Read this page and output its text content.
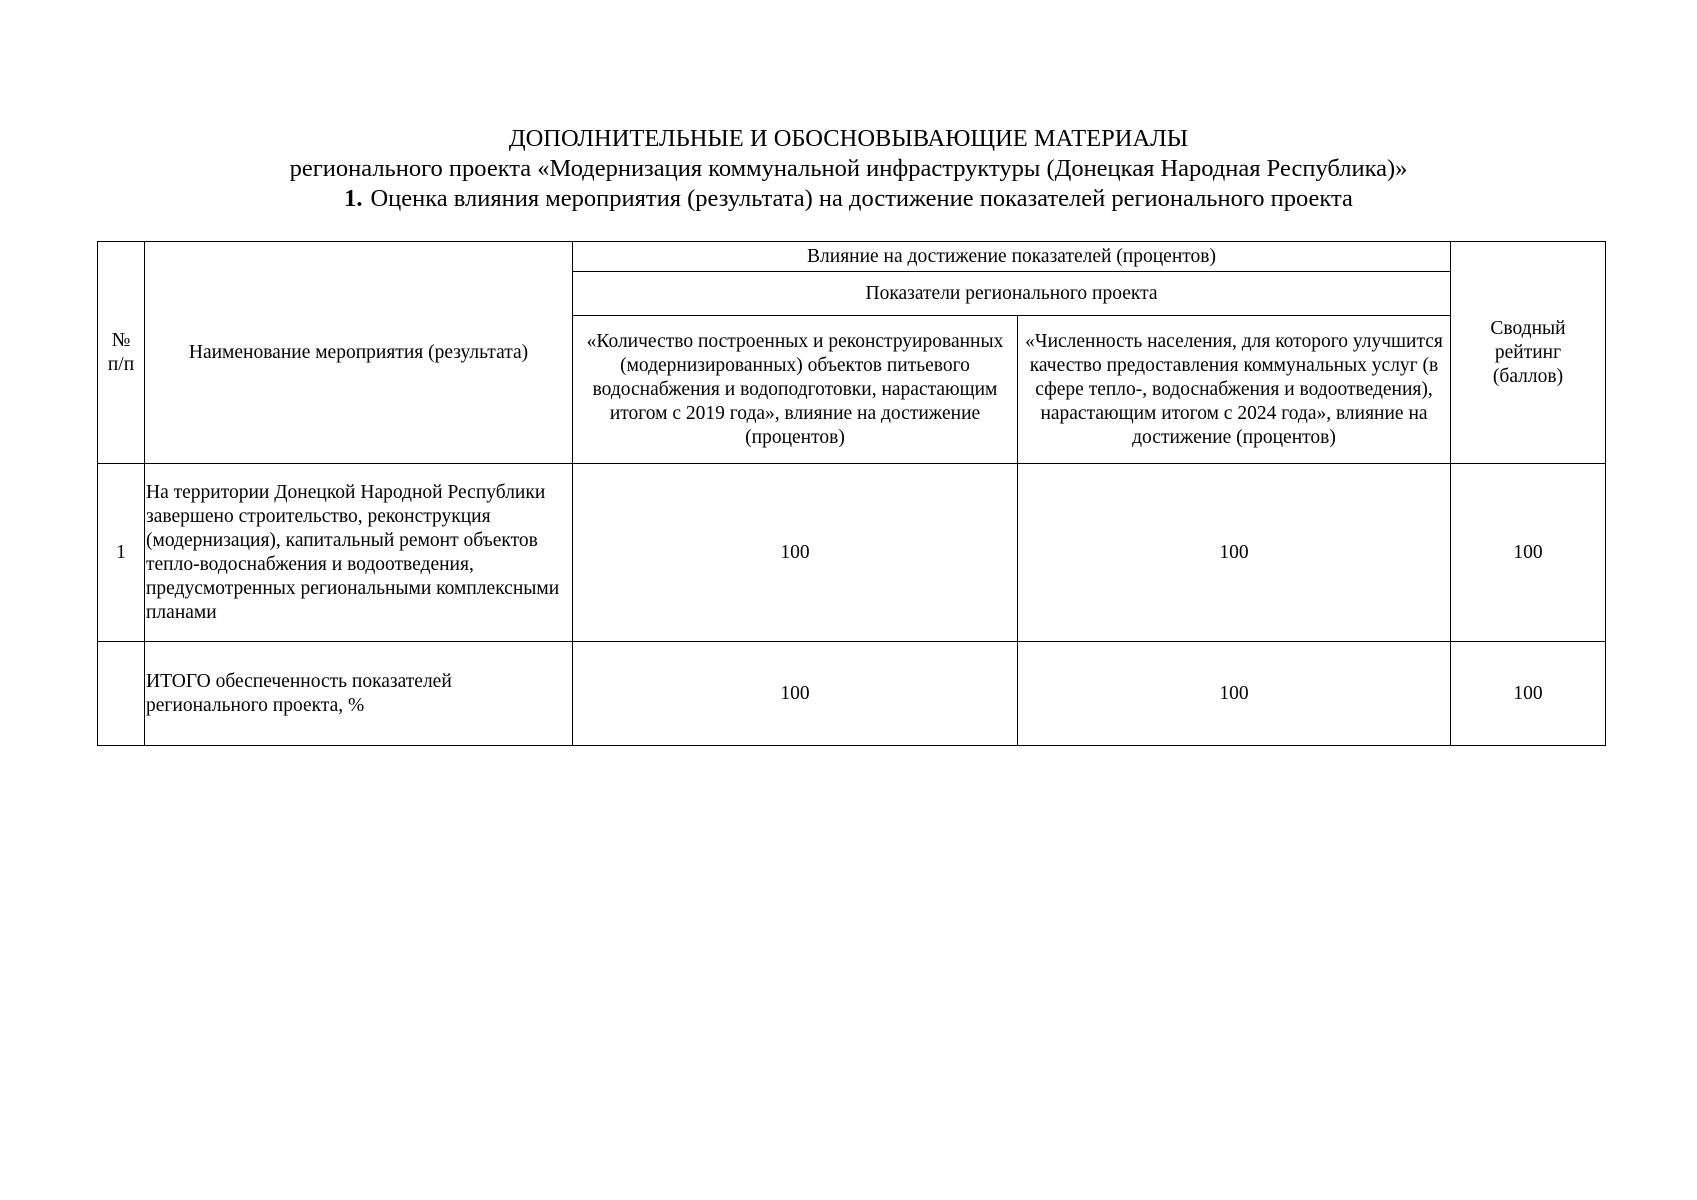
ДОПОЛНИТЕЛЬНЫЕ И ОБОСНОВЫВАЮЩИЕ МАТЕРИАЛЫ
регионального проекта «Модернизация коммунальной инфраструктуры (Донецкая Народная Республика)»
1. Оценка влияния мероприятия (результата) на достижение показателей регионального проекта
№ п/п	Наименование мероприятия (результата)	Влияние на достижение показателей (процентов)		Сводный рейтинг (баллов)
		Показатели регионального проекта		
		«Количество построенных и реконструированных (модернизированных) объектов питьевого водоснабжения и водоподготовки, нарастающим итогом с 2019 года», влияние на достижение (процентов)	«Численность населения, для которого улучшится качество предоставления коммунальных услуг (в сфере тепло-, водоснабжения и водоотведения), нарастающим итогом с 2024 года», влияние на достижение (процентов)	
1	На территории Донецкой Народной Республики завершено строительство, реконструкция (модернизация), капитальный ремонт объектов тепло-водоснабжения и водоотведения, предусмотренных региональными комплексными планами	100	100	100
	ИТОГО обеспеченность показателей регионального проекта, %	100	100	100
